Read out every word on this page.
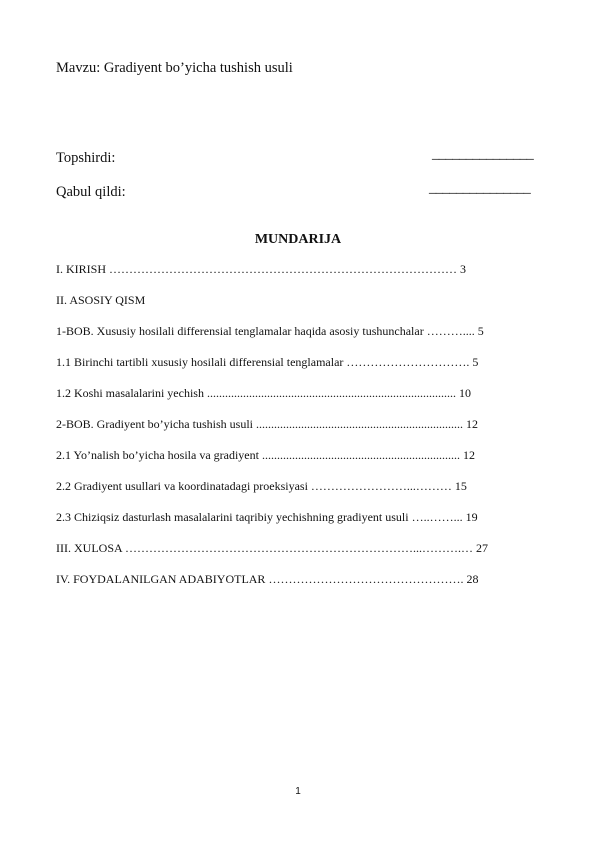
Mavzu: Gradiyent bo’yicha tushish usuli
Topshirdi:	_______________
Qabul qildi:	_______________
MUNDARIJA
I. KIRISH …………………………………………………………………………… 3
II. ASOSIY QISM
1-BOB. Xususiy hosilali differensial tenglamalar haqida asosiy tushunchalar ……….... 5
1.1 Birinchi tartibli xususiy hosilali differensial tenglamalar …………………………. 5
1.2 Koshi masalalarini yechish ................................................................................... 10
2-BOB. Gradiyent bo’yicha tushish usuli ..................................................................... 12
2.1 Yo’nalish bo’yicha hosila va gradiyent .................................................................. 12
2.2 Gradiyent usullari va koordinatadagi proeksiyasi ……………………...……… 15
2.3 Chiziqsiz dasturlash masalalarini taqribiy yechishning gradiyent usuli …..……... 19
III. XULOSA ………………………………………………………………...……….… 27
IV. FOYDALANILGAN ADABIYOTLAR …………………………………………. 28
1
